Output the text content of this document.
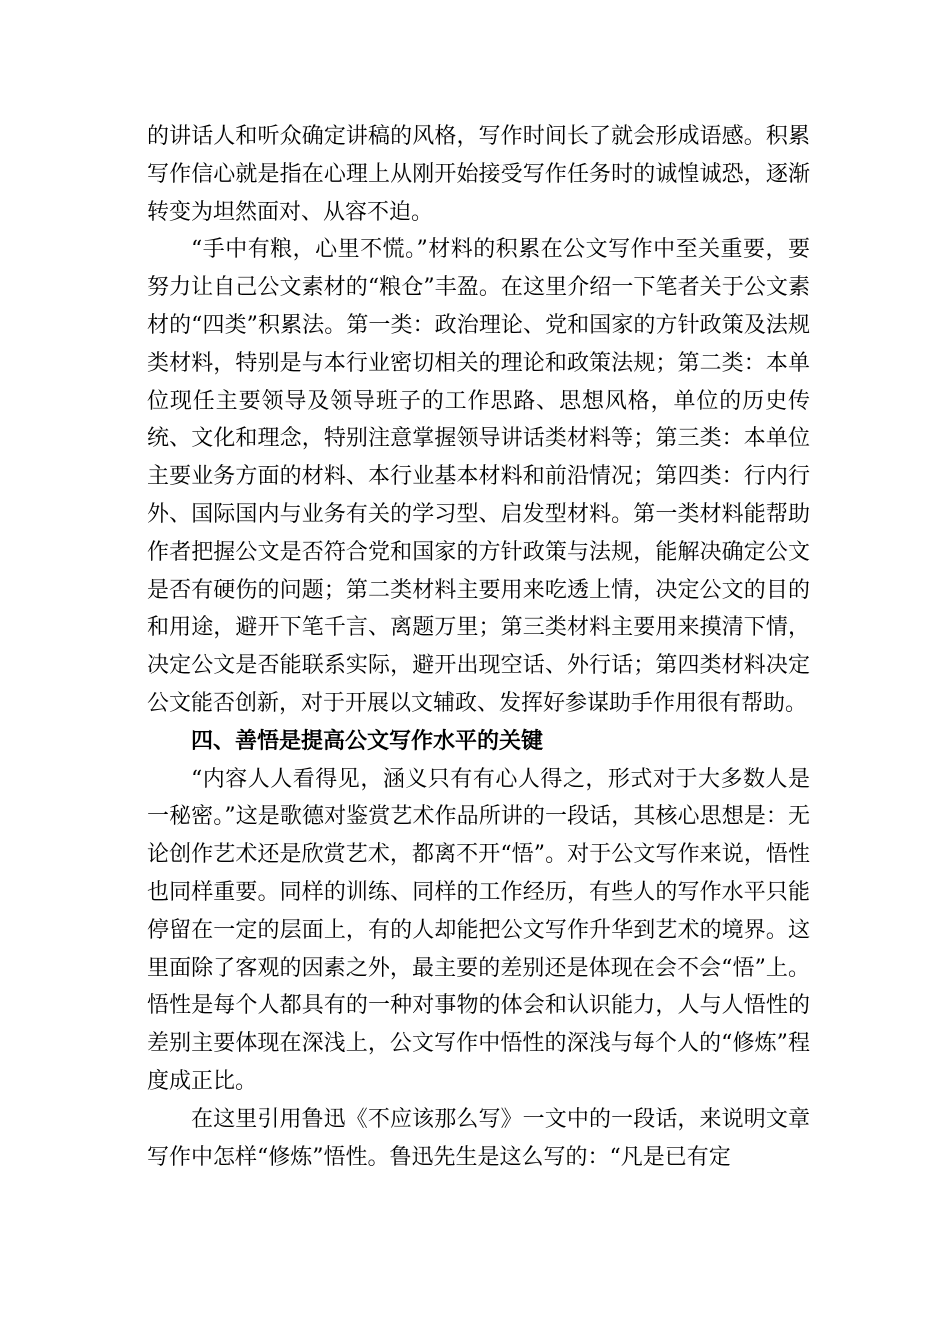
的讲话人和听众确定讲稿的风格，写作时间长了就会形成语感。积累写作信心就是指在心理上从刚开始接受写作任务时的诚惶诚恐，逐渐转变为坦然面对、从容不迫。

“手中有粮，心里不慌。”材料的积累在公文写作中至关重要，要努力让自己公文素材的“粮仓”丰盈。在这里介绍一下笔者关于公文素材的“四类”积累法。第一类：政治理论、党和国家的方针政策及法规类材料，特别是与本行业密切相关的理论和政策法规；第二类：本单位现任主要领导及领导班子的工作思路、思想风格，单位的历史传统、文化和理念，特别注意掌握领导讲话类材料等；第三类：本单位主要业务方面的材料、本行业基本材料和前沿情况；第四类：行内行外、国际国内与业务有关的学习型、启发型材料。第一类材料能帮助作者把握公文是否符合党和国家的方针政策与法规，能解决确定公文是否有硬伤的问题；第二类材料主要用来吃透上情，决定公文的目的和用途，避开下笔千言、离题万里；第三类材料主要用来摸清下情，决定公文是否能联系实际，避开出现空话、外行话；第四类材料决定公文能否创新，对于开展以文辅政、发挥好参谋助手作用很有帮助。

四、善悟是提高公文写作水平的关键

“内容人人看得见，涵义只有有心人得之，形式对于大多数人是一秘密。”这是歌德对鉴赏艺术作品所讲的一段话，其核心思想是：无论创作艺术还是欣赏艺术，都离不开“悟”。对于公文写作来说，悟性也同样重要。同样的训练、同样的工作经历，有些人的写作水平只能停留在一定的层面上，有的人却能把公文写作升华到艺术的境界。这里面除了客观的因素之外，最主要的差别还是体现在会不会“悟”上。悟性是每个人都具有的一种对事物的体会和认识能力，人与人悟性的差别主要体现在深浅上，公文写作中悟性的深浅与每个人的“修炼”程度成正比。

在这里引用鲁迅《不应该那么写》一文中的一段话，来说明文章写作中怎样“修炼”悟性。鲁迅先生是这么写的：“凡是已有定
